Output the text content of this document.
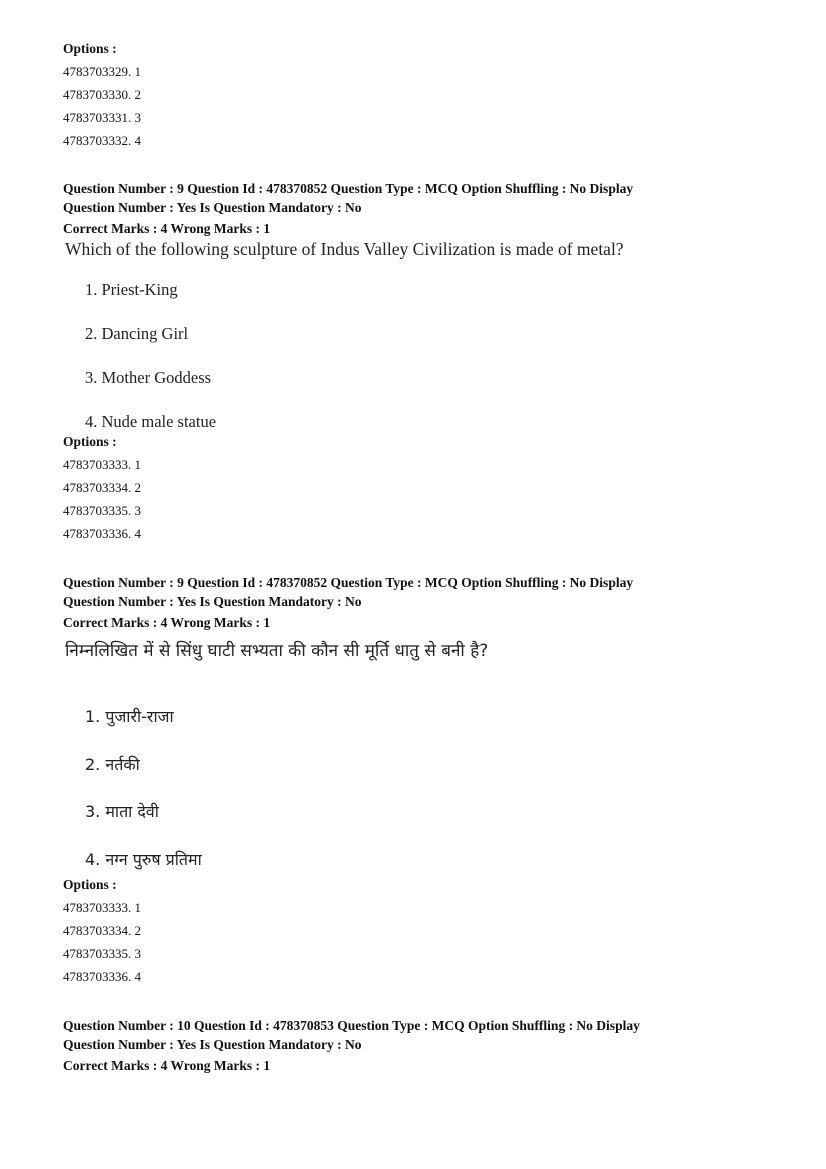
Options :
4783703329. 1
4783703330. 2
4783703331. 3
4783703332. 4
Question Number : 9 Question Id : 478370852 Question Type : MCQ Option Shuffling : No Display
Question Number : Yes Is Question Mandatory : No
Correct Marks : 4 Wrong Marks : 1
Which of the following sculpture of Indus Valley Civilization is made of metal?
1. Priest-King
2. Dancing Girl
3. Mother Goddess
4. Nude male statue
Options :
4783703333. 1
4783703334. 2
4783703335. 3
4783703336. 4
Question Number : 9 Question Id : 478370852 Question Type : MCQ Option Shuffling : No Display
Question Number : Yes Is Question Mandatory : No
Correct Marks : 4 Wrong Marks : 1
निम्नलिखित में से सिंधु घाटी सभ्यता की कौन सी मूर्ति धातु से बनी है?
1. पुजारी-राजा
2. नर्तकी
3. माता देवी
4. नग्न पुरुष प्रतिमा
Options :
4783703333. 1
4783703334. 2
4783703335. 3
4783703336. 4
Question Number : 10 Question Id : 478370853 Question Type : MCQ Option Shuffling : No Display
Question Number : Yes Is Question Mandatory : No
Correct Marks : 4 Wrong Marks : 1
